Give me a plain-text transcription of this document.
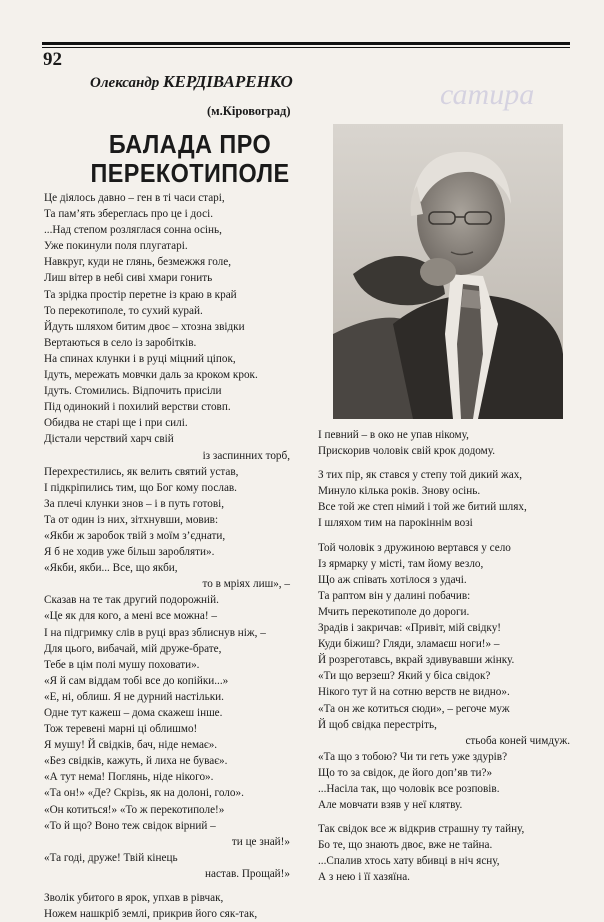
92
Олександр КЕРДІВАРЕНКО
(м.Кіровоград)
БАЛАДА ПРО
ПЕРЕКОТИПОЛЕ
сатира
Це діялось давно – ген в ті часи старі,
Та пам’ять збереглась про це і досі.
...Над степом розляглася сонна осінь,
Уже покинули поля плугатарі.
Навкруг, куди не глянь, безмежжя голе,
Лиш вітер в небі сиві хмари гонить
Та зрідка простір перетне із краю в край
То перекотиполе, то сухий курай.
Йдуть шляхом битим двоє – хтозна звідки
Вертаються в село із заробітків.
На спинах клунки і в руці міцний ціпок,
Ідуть, мережать мовчки даль за кроком крок.
Ідуть. Стомились. Відпочить присіли
Під одинокий і похилий верстви стовп.
Обидва не старі ще і при силі.
Дістали черствий харч свій
із заспинних торб,
Перехрестились, як велить святий устав,
І підкріпились тим, що Бог кому послав.
За плечі клунки знов – і в путь готові,
Та от один із них, зітхнувши, мовив:
«Якби ж заробок твій з моїм з’єднати,
Я б не ходив уже більш заробляти».
«Якби, якби... Все, що якби,
то в мріях лиш», –
Сказав на те так другий подорожній.
«Це як для кого, а мені все можна! –
І на підгримку слів в руці враз зблиснув ніж, –
Для цього, вибачай, мій друже-брате,
Тебе в цім полі мушу поховати».
«Я й сам віддам тобі все до копійки...»
«Е, ні, облиш. Я не дурний настільки.
Одне тут кажеш – дома скажеш інше.
Тож теревені марні ці облишмо!
Я мушу! Й свідків, бач, ніде немає».
«Без свідків, кажуть, й лиха не буває».
«А тут нема! Поглянь, ніде нікого».
«Та он!» «Де? Скрізь, як на долоні, голо».
«Он котиться!» «То ж перекотиполе!»
«То й що? Воно теж свідок вірний –
ти це знай!»
«Та годі, друже! Твій кінець
настав. Прощай!»
Зволік убитого в ярок, упхав в рівчак,
Ножем нашкріб землі, прикрив його сяк-так,
І певний – в око не упав нікому,
Прискорив чоловік свій крок додому.
З тих пір, як стався у степу той дикий жах,
Минуло кілька років. Знову осінь.
Все той же степ німий і той же битий шлях,
І шляхом тим на парокіннім возі
Той чоловік з дружиною вертався у село
Із ярмарку у місті, там йому везло,
Що аж співать хотілося з удачі.
Та раптом він у далині побачив:
Мчить перекотиполе до дороги.
Зрадів і закричав: «Привіт, мій свідку!
Куди біжиш? Гляди, зламаєш ноги!» –
Й розреготавсь, вкрай здивувавши жінку.
«Ти що верзеш? Який у біса свідок?
Нікого тут й на сотню верств не видно».
«Та он же котиться сюди», – регоче муж
Й щоб свідка перестріть,
стьоба коней чимдуж.
«Та що з тобою? Чи ти геть уже здурів?
Що то за свідок, де його доп’яв ти?»
...Насіла так, що чоловік все розповів.
Але мовчати взяв у неї клятву.
Так свідок все ж відкрив страшну ту тайну,
Бо те, що знають двоє, вже не тайна.
...Спалив хтось хату вбивці в ніч ясну,
А з нею і її хазяїна.
